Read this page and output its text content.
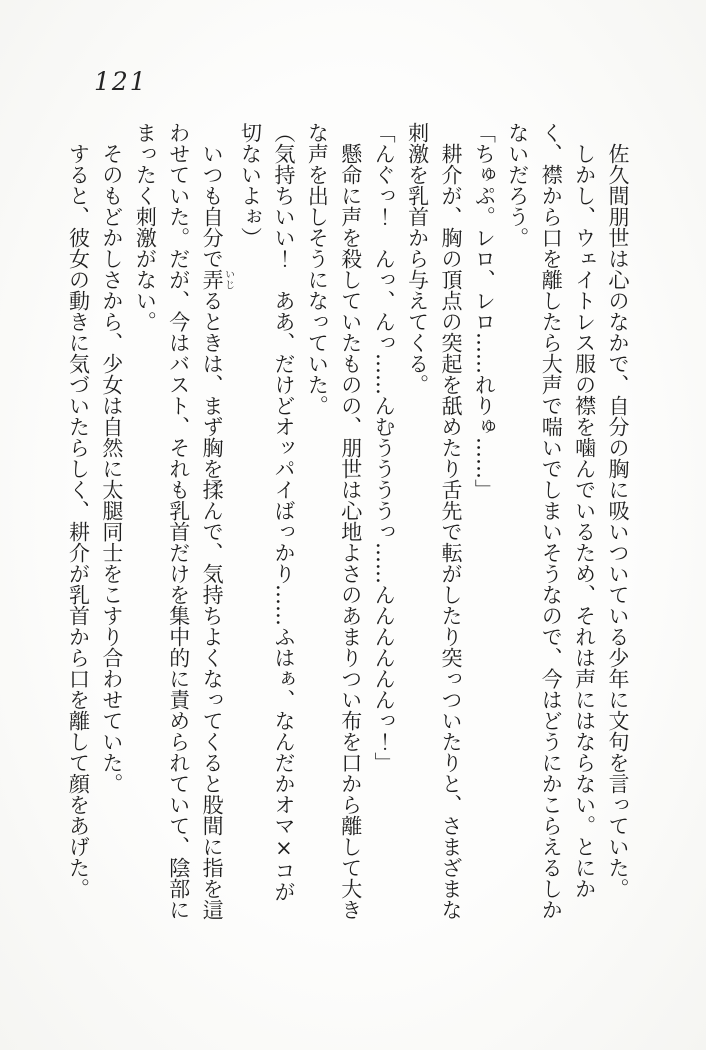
121

佐久間朋世は心のなかで、自分の胸に吸いついている少年に文句を言っていた。

しかし、ウェイトレス服の襟を噛んでいるため、それは声にはならない。とにかく、襟から口を離したら大声で喘いでしまいそうなので、今はどうにかこらえるしかないだろう。

「ちゅぷ。レロ、レロ……れりゅ……」

耕介が、胸の頂点の突起を舐めたり舌先で転がしたり突っついたりと、さまざまな刺激を乳首から与えてくる。

「んぐっ！　んっ、んっ……んむううううっ……んんんんんんっ！」

懸命に声を殺していたものの、朋世は心地よさのあまりつい布を口から離して大きな声を出しそうになっていた。

（気持ちいい！　ああ、だけどオッパイばっかり……ふはぁ、なんだかオマ×コが切ないよぉ）

いつも自分で弄いじるときは、まず胸を揉んで、気持ちよくなってくると股間に指を這わせていた。だが、今はバスト、それも乳首だけを集中的に責められていて、陰部にまったく刺激がない。

そのもどかしさから、少女は自然に太腿同士をこすり合わせていた。

すると、彼女の動きに気づいたらしく、耕介が乳首から口を離して顔をあげた。
